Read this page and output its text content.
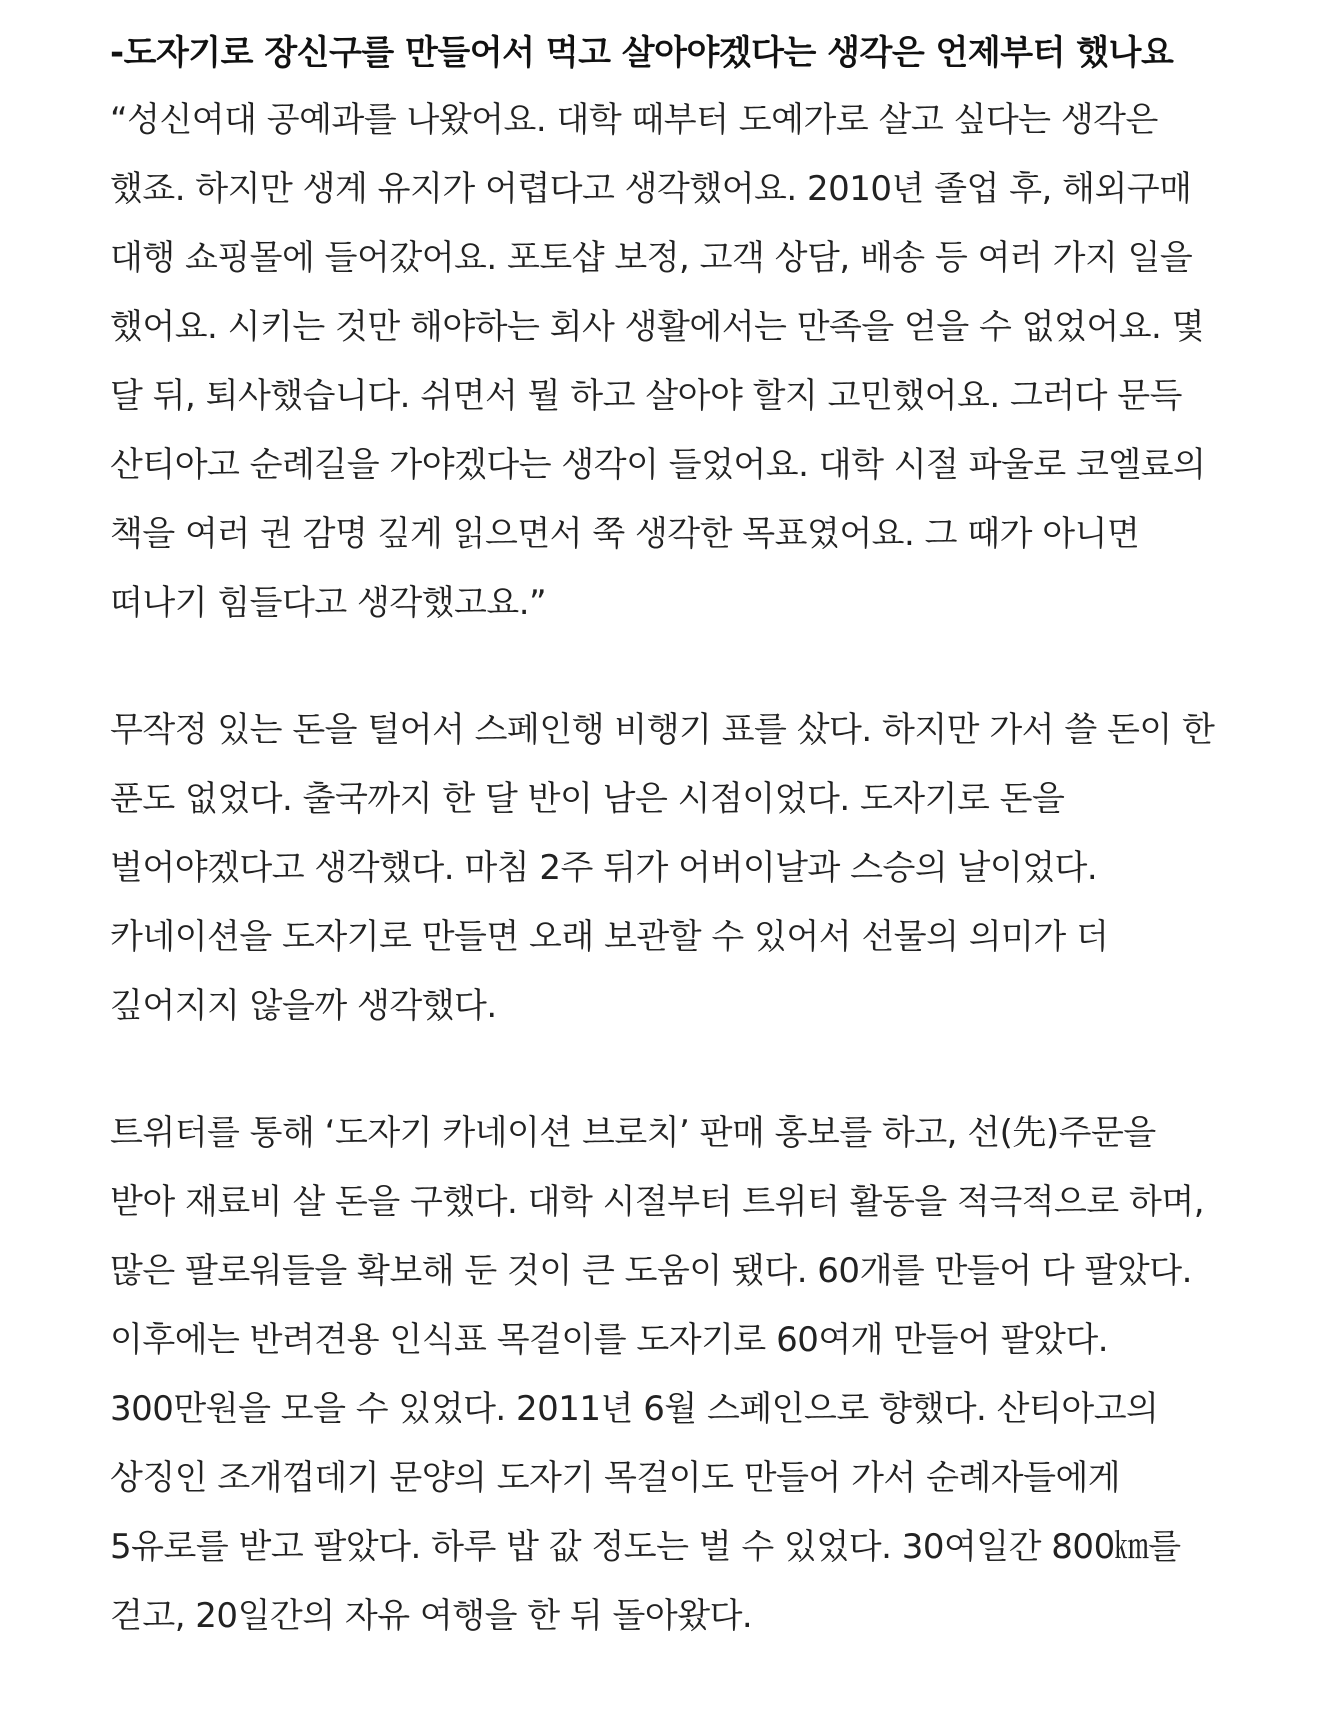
-도자기로 장신구를 만들어서 먹고 살아야겠다는 생각은 언제부터 했나요

“성신여대 공예과를 나왔어요. 대학 때부터 도예가로 살고 싶다는 생각은 했죠. 하지만 생계 유지가 어렵다고 생각했어요. 2010년 졸업 후, 해외구매 대행 쇼핑몰에 들어갔어요. 포토샵 보정, 고객 상담, 배송 등 여러 가지 일을 했어요. 시키는 것만 해야하는 회사 생활에서는 만족을 얻을 수 없었어요. 몇 달 뒤, 퇴사했습니다. 쉬면서 뭘 하고 살아야 할지 고민했어요. 그러다 문득 산티아고 순례길을 가야겠다는 생각이 들었어요. 대학 시절 파울로 코엘료의 책을 여러 권 감명 깊게 읽으면서 쭉 생각한 목표였어요. 그 때가 아니면 떠나기 힘들다고 생각했고요.”

무작정 있는 돈을 털어서 스페인행 비행기 표를 샀다. 하지만 가서 쓸 돈이 한 푼도 없었다. 출국까지 한 달 반이 남은 시점이었다. 도자기로 돈을 벌어야겠다고 생각했다. 마침 2주 뒤가 어버이날과 스승의 날이었다. 카네이션을 도자기로 만들면 오래 보관할 수 있어서 선물의 의미가 더 깊어지지 않을까 생각했다.

트위터를 통해 ‘도자기 카네이션 브로치’ 판매 홍보를 하고, 선(先)주문을 받아 재료비 살 돈을 구했다. 대학 시절부터 트위터 활동을 적극적으로 하며, 많은 팔로워들을 확보해 둔 것이 큰 도움이 됐다. 60개를 만들어 다 팔았다. 이후에는 반려견용 인식표 목걸이를 도자기로 60여개 만들어 팔았다. 300만원을 모을 수 있었다. 2011년 6월 스페인으로 향했다. 산티아고의 상징인 조개껍데기 문양의 도자기 목걸이도 만들어 가서 순례자들에게 5유로를 받고 팔았다. 하루 밥 값 정도는 벌 수 있었다. 30여일간 800㎞를 걷고, 20일간의 자유 여행을 한 뒤 돌아왔다.
